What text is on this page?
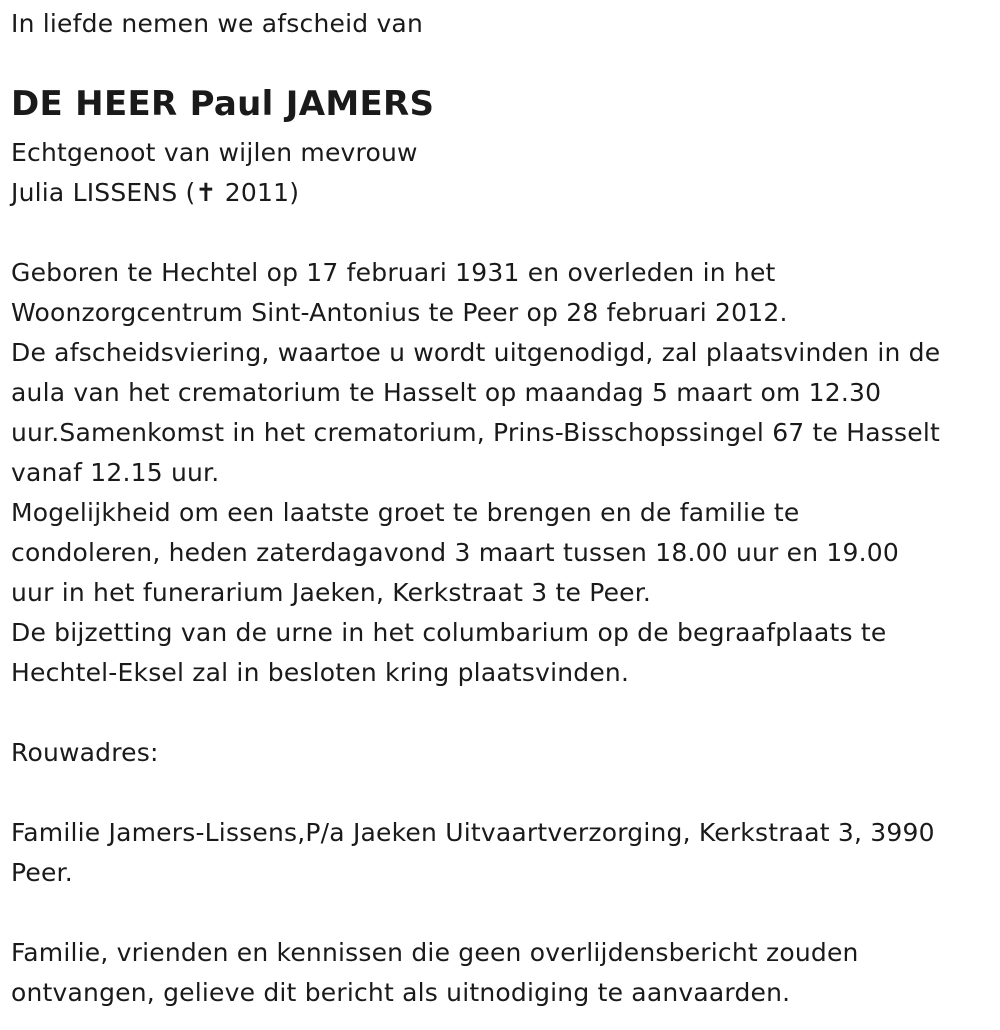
In liefde nemen we afscheid van
DE HEER Paul JAMERS
Echtgenoot van wijlen mevrouw
Julia LISSENS (✝ 2011)
Geboren te Hechtel op 17 februari 1931 en overleden in het
Woonzorgcentrum Sint-Antonius te Peer op 28 februari 2012.
De afscheidsviering, waartoe u wordt uitgenodigd, zal plaatsvinden in de
aula van het crematorium te Hasselt op maandag 5 maart om 12.30
uur.Samenkomst in het crematorium, Prins-Bisschopssingel 67 te Hasselt
vanaf 12.15 uur.
Mogelijkheid om een laatste groet te brengen en de familie te
condoleren, heden zaterdagavond 3 maart tussen 18.00 uur en 19.00
uur in het funerarium Jaeken, Kerkstraat 3 te Peer.
De bijzetting van de urne in het columbarium op de begraafplaats te
Hechtel-Eksel zal in besloten kring plaatsvinden.
Rouwadres:
Familie Jamers-Lissens,P/a Jaeken Uitvaartverzorging, Kerkstraat 3, 3990
Peer.
Familie, vrienden en kennissen die geen overlijdensbericht zouden
ontvangen, gelieve dit bericht als uitnodiging te aanvaarden.
